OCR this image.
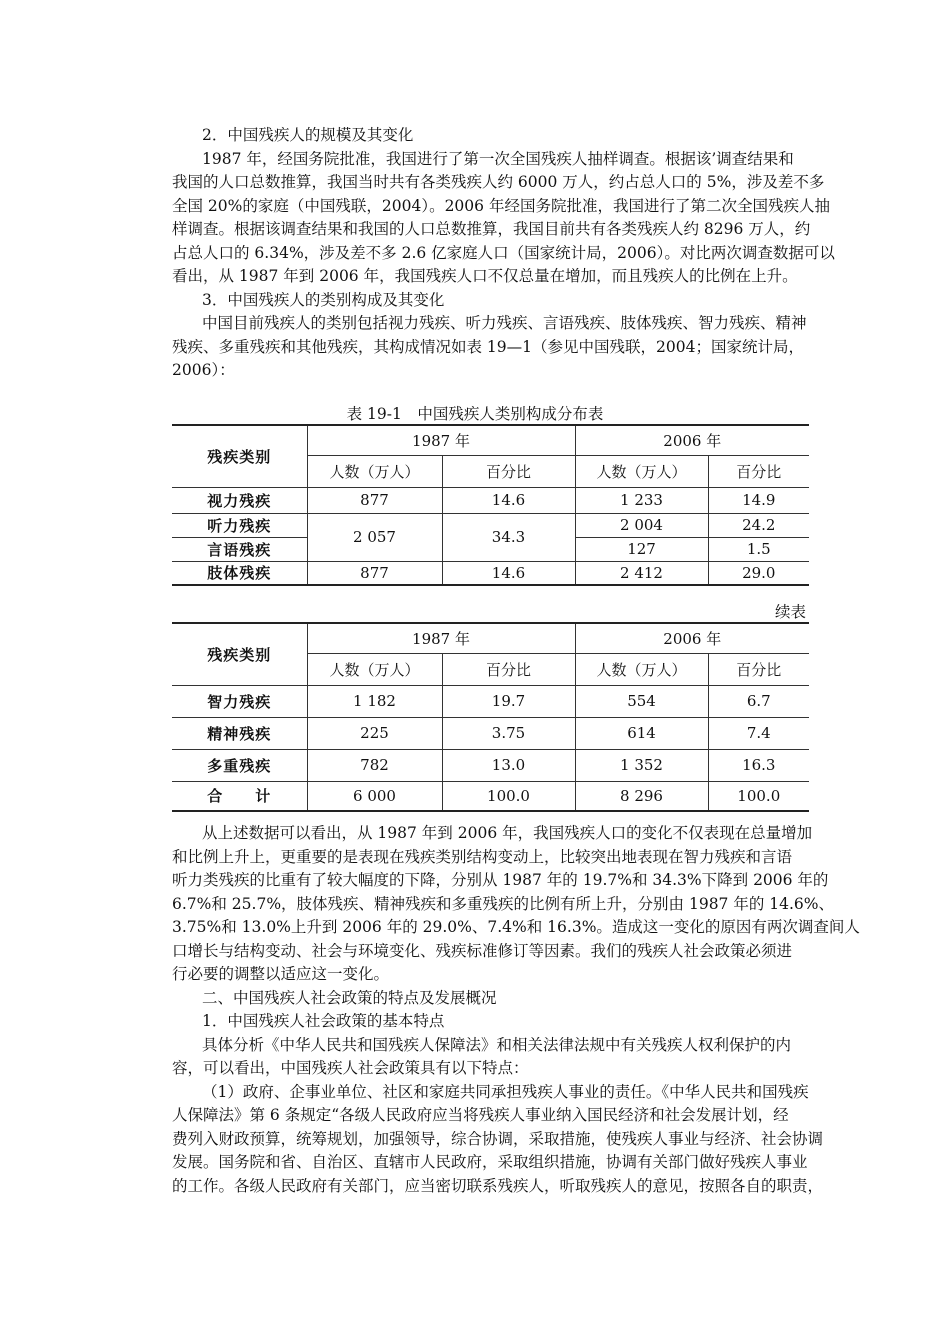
2．中国残疾人的规模及其变化
1987 年，经国务院批准，我国进行了第一次全国残疾人抽样调查。根据该’调查结果和
我国的人口总数推算，我国当时共有各类残疾人约 6000 万人，约占总人口的 5%，涉及差不多
全国 20%的家庭（中国残联，2004）。2006 年经国务院批准，我国进行了第二次全国残疾人抽
样调查。根据该调查结果和我国的人口总数推算，我国目前共有各类残疾人约 8296 万人，约
占总人口的 6.34%，涉及差不多 2.6 亿家庭人口（国家统计局，2006）。对比两次调查数据可以
看出，从 1987 年到 2006 年，我国残疾人口不仅总量在增加，而且残疾人的比例在上升。
3．中国残疾人的类别构成及其变化
中国目前残疾人的类别包括视力残疾、听力残疾、言语残疾、肢体残疾、智力残疾、精神
残疾、多重残疾和其他残疾，其构成情况如表 19—1（参见中国残联，2004；国家统计局，
2006）：
表 19-1　中国残疾人类别构成分布表
残疾类别	1987 年		2006 年	
	人数（万人）	百分比	人数（万人）	百分比
视力残疾	877	14.6	1 233	14.9
听力残疾	2 057	34.3	2 004	24.2
言语残疾			127	1.5
肢体残疾	877	14.6	2 412	29.0
续表
残疾类别	1987 年		2006 年	
	人数（万人）	百分比	人数（万人）	百分比
智力残疾	1 182	19.7	554	6.7
精神残疾	225	3.75	614	7.4
多重残疾	782	13.0	1 352	16.3
合　　计	6 000	100.0	8 296	100.0
从上述数据可以看出，从 1987 年到 2006 年，我国残疾人口的变化不仅表现在总量增加
和比例上升上，更重要的是表现在残疾类别结构变动上，比较突出地表现在智力残疾和言语
听力类残疾的比重有了较大幅度的下降，分别从 1987 年的 19.7%和 34.3%下降到 2006 年的
6.7%和 25.7%，肢体残疾、精神残疾和多重残疾的比例有所上升，分别由 1987 年的 14.6%、
3.75%和 13.0%上升到 2006 年的 29.0%、7.4%和 16.3%。造成这一变化的原因有两次调查间人
口增长与结构变动、社会与环境变化、残疾标准修订等因素。我们的残疾人社会政策必须进
行必要的调整以适应这一变化。
二、中国残疾人社会政策的特点及发展概况
1．中国残疾人社会政策的基本特点
具体分析《中华人民共和国残疾人保障法》和相关法律法规中有关残疾人权利保护的内
容，可以看出，中国残疾人社会政策具有以下特点：
（1）政府、企事业单位、社区和家庭共同承担残疾人事业的责任。《中华人民共和国残疾
人保障法》第 6 条规定“各级人民政府应当将残疾人事业纳入国民经济和社会发展计划，经
费列入财政预算，统筹规划，加强领导，综合协调，采取措施，使残疾人事业与经济、社会协调
发展。国务院和省、自治区、直辖市人民政府，采取组织措施，协调有关部门做好残疾人事业
的工作。各级人民政府有关部门，应当密切联系残疾人，听取残疾人的意见，按照各自的职责，
